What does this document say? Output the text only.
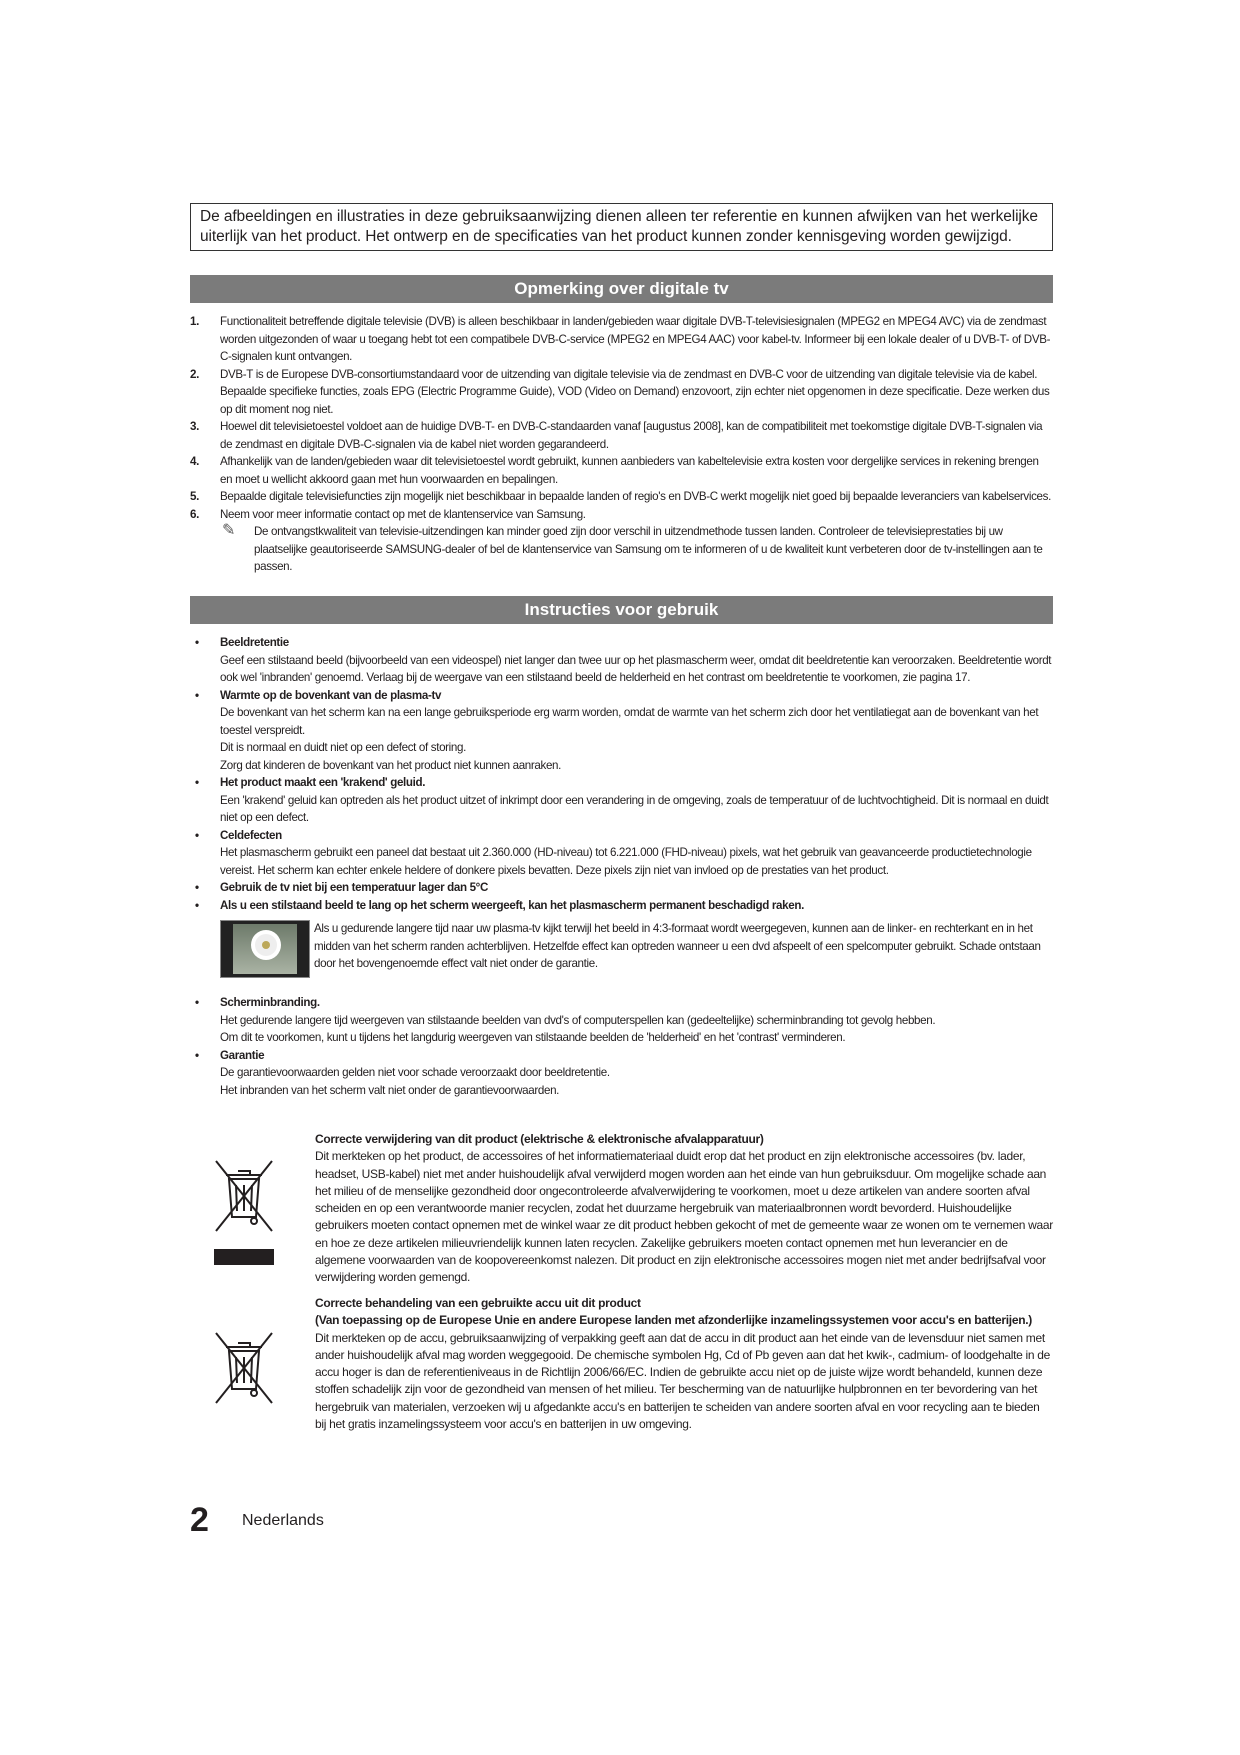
De afbeeldingen en illustraties in deze gebruiksaanwijzing dienen alleen ter referentie en kunnen afwijken van het werkelijke uiterlijk van het product. Het ontwerp en de specificaties van het product kunnen zonder kennisgeving worden gewijzigd.
Opmerking over digitale tv
1. Functionaliteit betreffende digitale televisie (DVB) is alleen beschikbaar in landen/gebieden waar digitale DVB-T-televisiesignalen (MPEG2 en MPEG4 AVC) via de zendmast worden uitgezonden of waar u toegang hebt tot een compatibele DVB-C-service (MPEG2 en MPEG4 AAC) voor kabel-tv. Informeer bij een lokale dealer of u DVB-T- of DVB-C-signalen kunt ontvangen.
2. DVB-T is de Europese DVB-consortiumstandaard voor de uitzending van digitale televisie via de zendmast en DVB-C voor de uitzending van digitale televisie via de kabel. Bepaalde specifieke functies, zoals EPG (Electric Programme Guide), VOD (Video on Demand) enzovoort, zijn echter niet opgenomen in deze specificatie. Deze werken dus op dit moment nog niet.
3. Hoewel dit televisietoestel voldoet aan de huidige DVB-T- en DVB-C-standaarden vanaf [augustus 2008], kan de compatibiliteit met toekomstige digitale DVB-T-signalen via de zendmast en digitale DVB-C-signalen via de kabel niet worden gegarandeerd.
4. Afhankelijk van de landen/gebieden waar dit televisietoestel wordt gebruikt, kunnen aanbieders van kabeltelevisie extra kosten voor dergelijke services in rekening brengen en moet u wellicht akkoord gaan met hun voorwaarden en bepalingen.
5. Bepaalde digitale televisiefuncties zijn mogelijk niet beschikbaar in bepaalde landen of regio's en DVB-C werkt mogelijk niet goed bij bepaalde leveranciers van kabelservices.
6. Neem voor meer informatie contact op met de klantenservice van Samsung.
✎ De ontvangstkwaliteit van televisie-uitzendingen kan minder goed zijn door verschil in uitzendmethode tussen landen. Controleer de televisieprestaties bij uw plaatselijke geautoriseerde SAMSUNG-dealer of bel de klantenservice van Samsung om te informeren of u de kwaliteit kunt verbeteren door de tv-instellingen aan te passen.
Instructies voor gebruik
• Beeldretentie
Geef een stilstaand beeld (bijvoorbeeld van een videospel) niet langer dan twee uur op het plasmascherm weer, omdat dit beeldretentie kan veroorzaken. Beeldretentie wordt ook wel 'inbranden' genoemd. Verlaag bij de weergave van een stilstaand beeld de helderheid en het contrast om beeldretentie te voorkomen, zie pagina 17.
• Warmte op de bovenkant van de plasma-tv
De bovenkant van het scherm kan na een lange gebruiksperiode erg warm worden, omdat de warmte van het scherm zich door het ventilatiegat aan de bovenkant van het toestel verspreidt.
Dit is normaal en duidt niet op een defect of storing.
Zorg dat kinderen de bovenkant van het product niet kunnen aanraken.
• Het product maakt een 'krakend' geluid.
Een 'krakend' geluid kan optreden als het product uitzet of inkrimpt door een verandering in de omgeving, zoals de temperatuur of de luchtvochtigheid. Dit is normaal en duidt niet op een defect.
• Celdefecten
Het plasmascherm gebruikt een paneel dat bestaat uit 2.360.000 (HD-niveau) tot 6.221.000 (FHD-niveau) pixels, wat het gebruik van geavanceerde productietechnologie vereist. Het scherm kan echter enkele heldere of donkere pixels bevatten. Deze pixels zijn niet van invloed op de prestaties van het product.
• Gebruik de tv niet bij een temperatuur lager dan 5°C
• Als u een stilstaand beeld te lang op het scherm weergeeft, kan het plasmascherm permanent beschadigd raken.
Als u gedurende langere tijd naar uw plasma-tv kijkt terwijl het beeld in 4:3-formaat wordt weergegeven, kunnen aan de linker- en rechterkant en in het midden van het scherm randen achterblijven. Hetzelfde effect kan optreden wanneer u een dvd afspeelt of een spelcomputer gebruikt. Schade ontstaan door het bovengenoemde effect valt niet onder de garantie.
• Scherminbranding.
Het gedurende langere tijd weergeven van stilstaande beelden van dvd's of computerspellen kan (gedeeltelijke) scherminbranding tot gevolg hebben.
Om dit te voorkomen, kunt u tijdens het langdurig weergeven van stilstaande beelden de 'helderheid' en het 'contrast' verminderen.
• Garantie
De garantievoorwaarden gelden niet voor schade veroorzaakt door beeldretentie.
Het inbranden van het scherm valt niet onder de garantievoorwaarden.
Correcte verwijdering van dit product (elektrische & elektronische afvalapparatuur)
Dit merkteken op het product, de accessoires of het informatiemateriaal duidt erop dat het product en zijn elektronische accessoires (bv. lader, headset, USB-kabel) niet met ander huishoudelijk afval verwijderd mogen worden aan het einde van hun gebruiksduur. Om mogelijke schade aan het milieu of de menselijke gezondheid door ongecontroleerde afvalverwijdering te voorkomen, moet u deze artikelen van andere soorten afval scheiden en op een verantwoorde manier recyclen, zodat het duurzame hergebruik van materiaalbronnen wordt bevorderd. Huishoudelijke gebruikers moeten contact opnemen met de winkel waar ze dit product hebben gekocht of met de gemeente waar ze wonen om te vernemen waar en hoe ze deze artikelen milieuvriendelijk kunnen laten recyclen. Zakelijke gebruikers moeten contact opnemen met hun leverancier en de algemene voorwaarden van de koopovereenkomst nalezen. Dit product en zijn elektronische accessoires mogen niet met ander bedrijfsafval voor verwijdering worden gemengd.
Correcte behandeling van een gebruikte accu uit dit product
(Van toepassing op de Europese Unie en andere Europese landen met afzonderlijke inzamelingssystemen voor accu's en batterijen.)
Dit merkteken op de accu, gebruiksaanwijzing of verpakking geeft aan dat de accu in dit product aan het einde van de levensduur niet samen met ander huishoudelijk afval mag worden weggegooid. De chemische symbolen Hg, Cd of Pb geven aan dat het kwik-, cadmium- of loodgehalte in de accu hoger is dan de referentieniveaus in de Richtlijn 2006/66/EC. Indien de gebruikte accu niet op de juiste wijze wordt behandeld, kunnen deze stoffen schadelijk zijn voor de gezondheid van mensen of het milieu. Ter bescherming van de natuurlijke hulpbronnen en ter bevordering van het hergebruik van materialen, verzoeken wij u afgedankte accu's en batterijen te scheiden van andere soorten afval en voor recycling aan te bieden bij het gratis inzamelingssysteem voor accu's en batterijen in uw omgeving.
2 Nederlands
